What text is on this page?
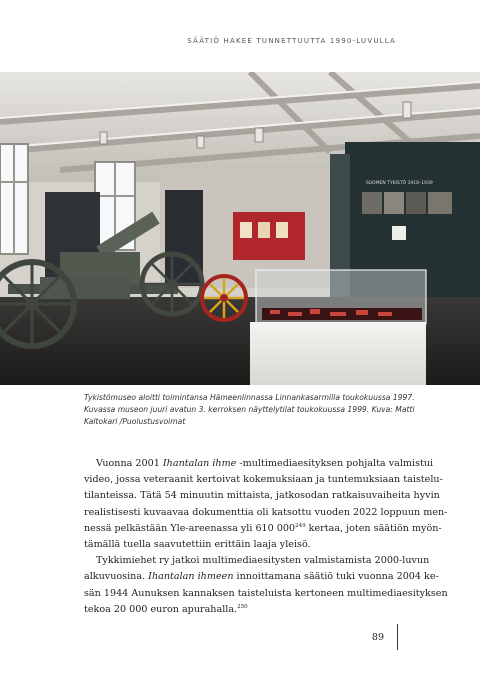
SÄÄTIÖ HAKEE TUNNETTUUTTA 1990-LUVULLA
SUOMEN TYKISTÖ 1918–1939

Tykistömuseo aloitti toimintansa Hämeenlinnassa Linnankasarmilla toukokuussa 1997.

Kuvassa museon juuri avatun 3. kerroksen näyttelytilat toukokuussa 1999. Kuva: Matti

Kaltokari /Puolustusvoimat

Vuonna 2001 Ihantalan ihme -multimediaesityksen pohjalta valmistui

video, jossa veteraanit kertoivat kokemuksiaan ja tuntemuksiaan taistelu-

tilanteissa. Tätä 54 minuutin mittaista, jatkosodan ratkaisuvaiheita hyvin

realistisesti kuvaavaa dokumenttia oli katsottu vuoden 2022 loppuun men-

nessä pelkästään Yle-areenassa yli 610 $000^{249}$ kertaa, joten säätiön myön-

tämällä tuella saavutettiin erittäin laaja yleisö.

Tykkimiehet ry jatkoi multimediaesitysten valmistamista 2000-luvun

alkuvuosina. Ihantalan ihmeen innoittamana säätiö tuki vuonna 2004 ke-

sän 1944 Aunuksen kannaksen taisteluista kertoneen multimediaesityksen

tekoa 20 000 euron apurahalla.$^{250}$

89
